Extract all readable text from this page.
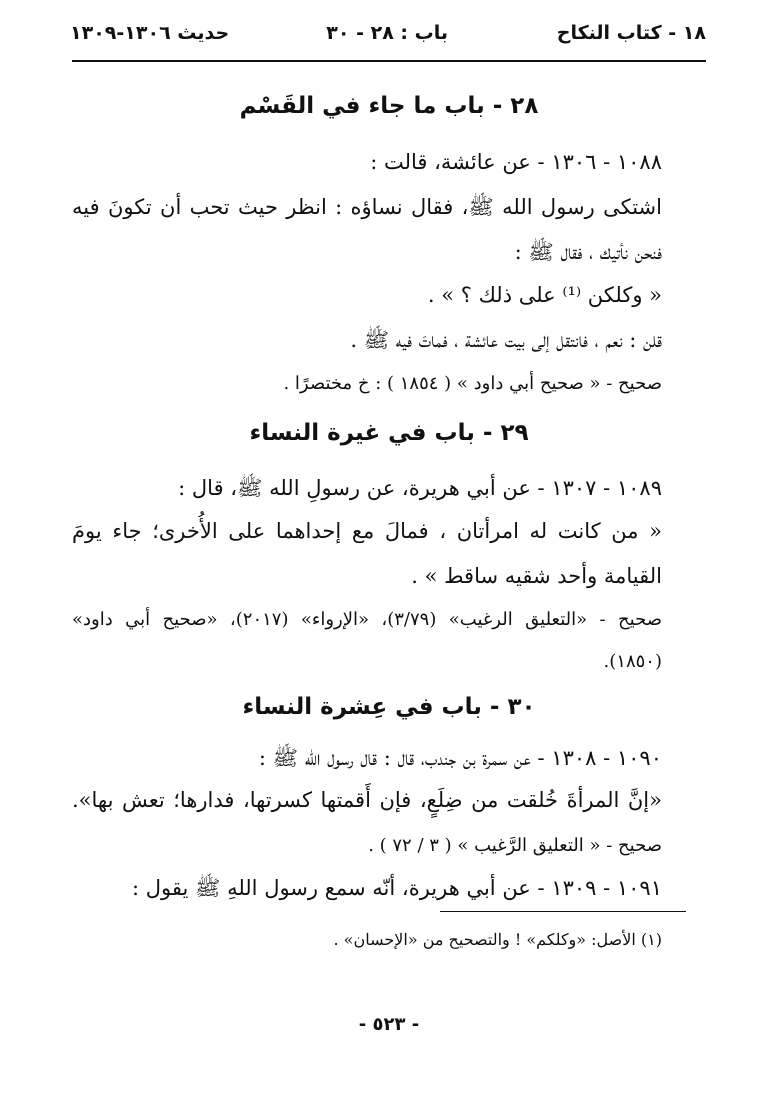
١٨ - كتاب النكاح
باب : ٢٨ - ٣٠
حديث ١٣٠٦-١٣٠٩
٢٨ - باب ما جاء في القَسْم
١٠٨٨ - ١٣٠٦ - عن عائشة، قالت :
اشتكى رسول الله ﷺ، فقال نساؤه : انظر حيث تحب أن تكونَ فيه
فنحن نأتيك ، فقال ﷺ :
« وكلكن ⁽¹⁾ على ذلك ؟ » .
قلن : نعم ، فانتقل إلى بيت عائشة ، فماتَ فيه ﷺ .
صحيح - « صحيح أبي داود » ( ١٨٥٤ ) : خ مختصرًا .
٢٩ - باب في غيرة النساء
١٠٨٩ - ١٣٠٧ - عن أبي هريرة، عن رسولِ الله ﷺ، قال :
« من كانت له امرأتان ، فمالَ مع إحداهما على الأُخرى؛ جاء يومَ
القيامة وأحد شقيه ساقط » .
صحيح - «التعليق الرغيب» (٣/٧٩)، «الإرواء» (٢٠١٧)، «صحيح أبي داود»
(١٨٥٠).
٣٠ - باب في عِشرة النساء
١٠٩٠ - ١٣٠٨ - عن سمرة بن جندب، قال : قال رسول الله ﷺ :
«إنَّ المرأةَ خُلقت من ضِلَعٍ، فإن أَقمتها كسرتها، فدارها؛ تعش بها».
صحيح - « التعليق الرَّغيب » ( ٣ / ٧٢ ) .
١٠٩١ - ١٣٠٩ - عن أبي هريرة، أنّه سمع رسول اللهِ ﷺ يقول :
(١) الأصل: «وكلكم» ! والتصحيح من «الإحسان» .
- ٥٢٣ -
